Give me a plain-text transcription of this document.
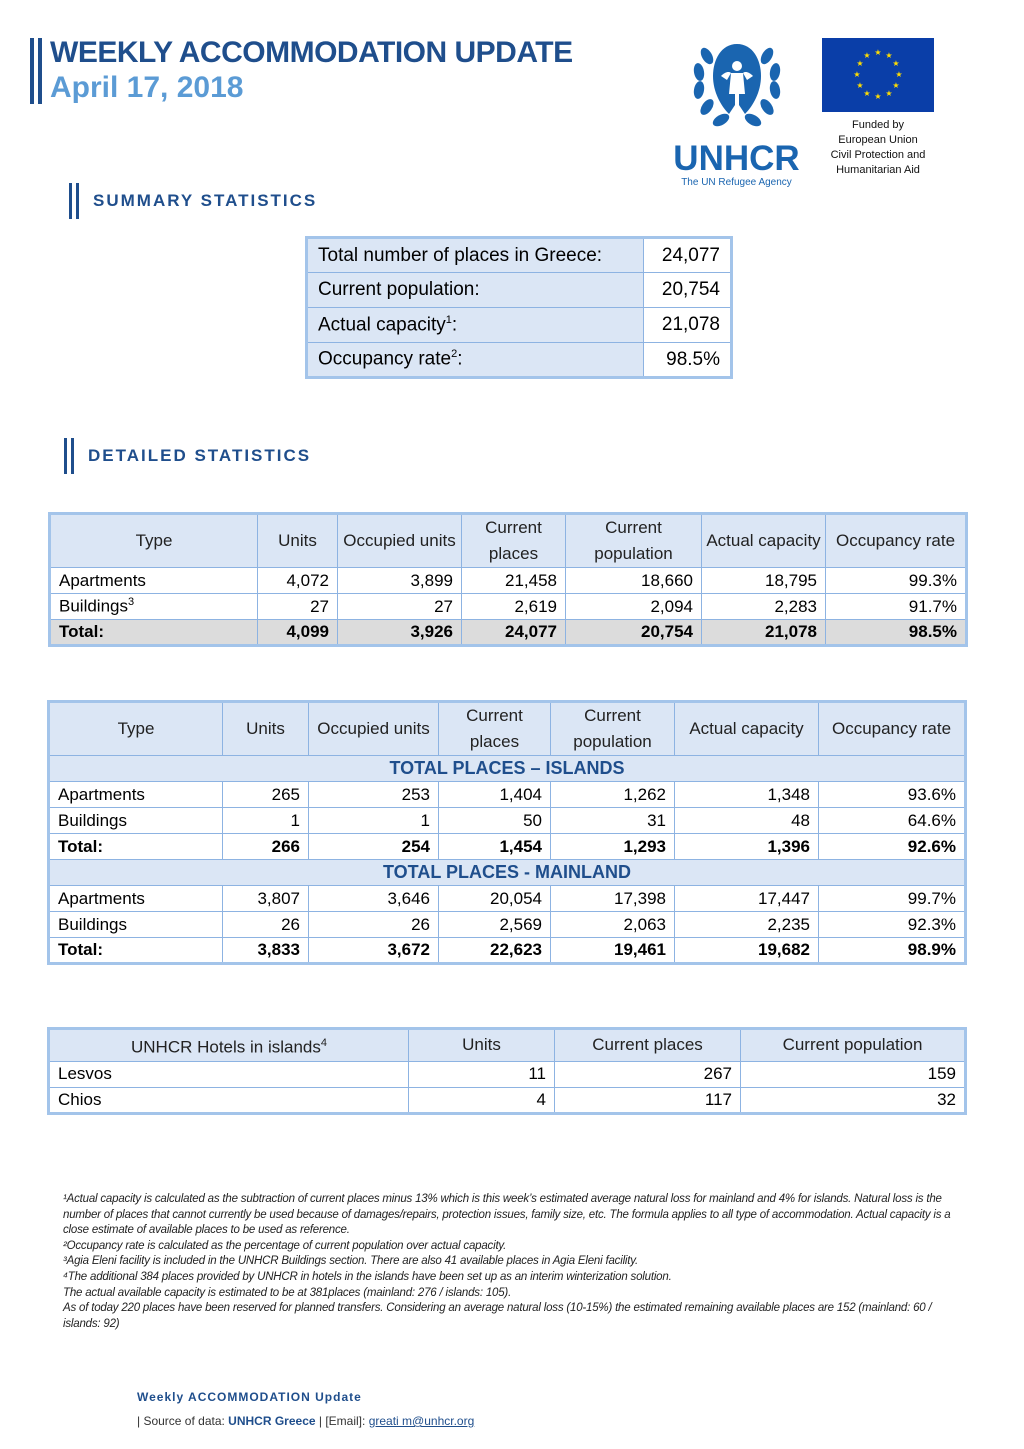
WEEKLY ACCOMMODATION UPDATE
April 17, 2018
UNHCR
The UN Refugee Agency
★ ★
★
★
★
★
★
★
★
★
★
★
Funded by
European Union
Civil Protection and
Humanitarian Aid
SUMMARY STATISTICS
Total number of places in Greece:	24,077
Current population:	20,754
Actual capacity$^1$:	21,078
Occupancy rate$^2$:	98.5%
DETAILED STATISTICS
Type	Units	Occupied units	Current places	Current population	Actual capacity	Occupancy rate
Apartments	4,072	3,899	21,458	18,660	18,795	99.3%
Buildings$^3$	27	27	2,619	2,094	2,283	91.7%
Total:	4,099	3,926	24,077	20,754	21,078	98.5%
Type	Units	Occupied units	Current places	Current population	Actual capacity	Occupancy rate
TOTAL PLACES – ISLANDS						
Apartments	265	253	1,404	1,262	1,348	93.6%
Buildings	1	1	50	31	48	64.6%
Total:	266	254	1,454	1,293	1,396	92.6%
TOTAL PLACES - MAINLAND						
Apartments	3,807	3,646	20,054	17,398	17,447	99.7%
Buildings	26	26	2,569	2,063	2,235	92.3%
Total:	3,833	3,672	22,623	19,461	19,682	98.9%
UNHCR Hotels in islands$^4$	Units	Current places	Current population
Lesvos	11	267	159
Chios	4	117	32

¹Actual capacity is calculated as the subtraction of current places minus 13% which is this week’s estimated average natural loss for mainland and 4% for islands. Natural loss is the number of places that cannot currently be used because of damages/repairs, protection issues, family size, etc. The formula applies to all type of accommodation. Actual capacity is a close estimate of available places to be used as reference.

²Occupancy rate is calculated as the percentage of current population over actual capacity.

³Agia Eleni facility is included in the UNHCR Buildings section. There are also 41 available places in Agia Eleni facility.

⁴The additional 384 places provided by UNHCR in hotels in the islands have been set up as an interim winterization solution.

The actual available capacity is estimated to be at 381places (mainland: 276 / islands: 105).

As of today 220 places have been reserved for planned transfers. Considering an average natural loss (10-15%) the estimated remaining available places are 152 (mainland: 60 / islands: 92)

Weekly ACCOMMODATION Update
| Source of data: UNHCR Greece | [Email]: greati m@unhcr.org
